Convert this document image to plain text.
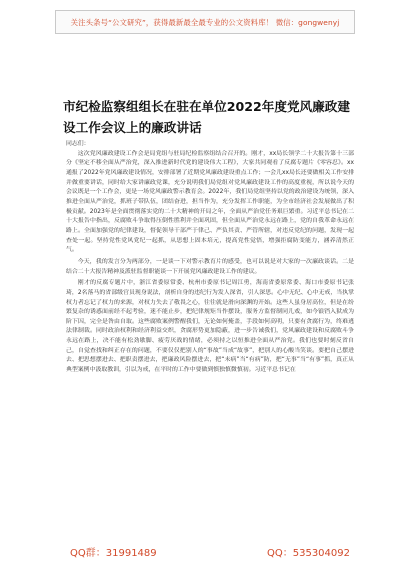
关注头条号“公文研究”，获得最新最全最专业的公文资料库！ 微信：gongwenyj
市纪检监察组组长在驻在单位2022年度党风廉政建设工作会议上的廉政讲话

同志们：

这次党风廉政建设工作会是局党组与驻局纪检监察组结合召开的。刚才，xx局长领学二十大报告第十三部分《坚定不移全面从严治党，深入推进新时代党的建设伟大工程》，大家共同观看了反腐专题片《零容忍》。xx通报了2022年党风廉政建设情况，安排部署了近期党风廉政建设重点工作；一会儿xx局长还要做相关工作安排并做重要讲话，同时给大家讲廉政党课，充分说明我们局党组对党风廉政建设工作的高度重视，所以说今天的会议既是一个工作会，更是一场党风廉政警示教育会。2022年，我们局党组坚持以党的政治建设为统领，深入推进全面从严治党，抓班子带队伍，团结奋进，担当作为，充分发挥工作职能，为全市经济社会发展做出了积极贡献。2023年是全面贯彻落实党的二十大精神的开局之年，全面从严治党任务艰巨繁重。习近平总书记在二十大报告中指出，反腐败斗争取得压倒性胜利并全面巩固，但全面从严治党永远在路上，党的自我革命永远在路上。全面加强党的纪律建设，督促领导干部严于律己、严负其责、严管所辖，对违反党纪的问题，发现一起查处一起。坚持党性党风党纪一起抓，从思想上固本培元，提高党性觉悟，增强拒腐防变能力，涵养清然正气。

今天，我的发言分为两部分，一是谈一下对警示教育片的感受，也可以说是对大家的一次廉政谈话。二是结合二十大报告精神及派驻监督职能谈一下开展党风廉政建设工作的建议。

刚才的反腐专题片中，浙江省委原常委、杭州市委原书记周江勇，海南省委原常委、海口市委原书记张琦，2名落马的省部级官员现身说法，剖析自身的违纪行为发人深省，引人深思。心中无纪、心中无戒，当执掌权力者忘记了权力的来源，对权力失去了敬畏之心，往往就是滑向深渊的开始。这些人虽身居高位，但是在纷繁复杂的诱惑面前经不起考验，迷不能止步，把纪律规矩当作摆设，服务方监督制同儿戏，如今锒铛入狱成为阶下囚，完全是咎由自取。这些腐败案例警醒我们，无论如何掩盖，手段如何高明，只要有贪腐行为，终难逃法律制裁。同时政治权利和经济利益交织，贪腐形势更加隐蔽，进一步告诫我们，党风廉政建设和反腐败斗争永远在路上，决不能有松劲歇脚、疲劳厌战的情绪，必须持之以恒推进全面从严治党。我们也要时刻反省自己，自觉查找和纠正存在的问题，不要仅仅把别人的“事故”当成“故事”，把别人的心酸当笑谈。要把自己摆进去、把思想摆进去、把职责摆进去，把廉政风险摆进去，把“未病”当“有病”防，把“无事”当“有事”抓，真正从典型案例中汲取教训，引以为戒，在平时的工作中要做到慎独慎微慎初。习近平总书记在

QQ群：31991489	QQ：535304092
